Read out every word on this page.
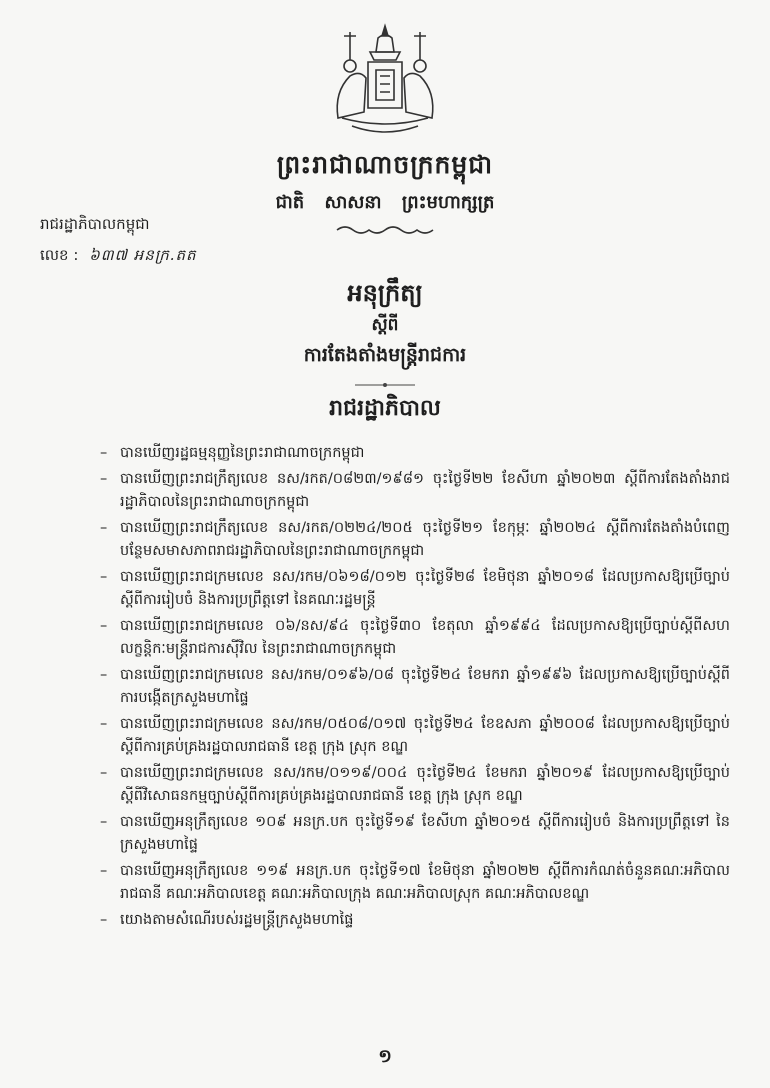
ព្រះរាជាណាចក្រកម្ពុជា
ជាតិ សាសនា ព្រះមហាក្សត្រ
រាជរដ្ឋាភិបាលកម្ពុជា
លេខ : ៦៣៧ អនក្រ.តត
អនុក្រឹត្យ
ស្តីពី
ការតែងតាំងមន្ត្រីរាជការ
រាជរដ្ឋាភិបាល
– បានឃើញរដ្ឋធម្មនុញ្ញនៃព្រះរាជាណាចក្រកម្ពុជា
– បានឃើញព្រះរាជក្រឹត្យលេខ នស/រកត/០៨២៣/១៩៨១ ចុះថ្ងៃទី២២ ខែសីហា ឆ្នាំ២០២៣ ស្តីពីការតែងតាំងរាជរដ្ឋាភិបាលនៃព្រះរាជាណាចក្រកម្ពុជា
– បានឃើញព្រះរាជក្រឹត្យលេខ នស/រកត/០២២៤/២០៥ ចុះថ្ងៃទី២១ ខែកុម្ភៈ ឆ្នាំ២០២៤ ស្តីពីការតែងតាំងបំពេញបន្ថែមសមាសភាពរាជរដ្ឋាភិបាលនៃព្រះរាជាណាចក្រកម្ពុជា
– បានឃើញព្រះរាជក្រមលេខ នស/រកម/០៦១៨/០១២ ចុះថ្ងៃទី២៨ ខែមិថុនា ឆ្នាំ២០១៨ ដែលប្រកាសឱ្យប្រើច្បាប់ស្តីពីការរៀបចំ និងការប្រព្រឹត្តទៅ នៃគណៈរដ្ឋមន្ត្រី
– បានឃើញព្រះរាជក្រមលេខ ០៦/នស/៩៤ ចុះថ្ងៃទី៣០ ខែតុលា ឆ្នាំ១៩៩៤ ដែលប្រកាសឱ្យប្រើច្បាប់ស្តីពីសហលក្ខន្តិកៈមន្ត្រីរាជការស៊ីវិល នៃព្រះរាជាណាចក្រកម្ពុជា
– បានឃើញព្រះរាជក្រមលេខ នស/រកម/០១៩៦/០៨ ចុះថ្ងៃទី២៤ ខែមករា ឆ្នាំ១៩៩៦ ដែលប្រកាសឱ្យប្រើច្បាប់ស្តីពីការបង្កើតក្រសួងមហាផ្ទៃ
– បានឃើញព្រះរាជក្រមលេខ នស/រកម/០៥០៨/០១៧ ចុះថ្ងៃទី២៤ ខែឧសភា ឆ្នាំ២០០៨ ដែលប្រកាសឱ្យប្រើច្បាប់ស្តីពីការគ្រប់គ្រងរដ្ឋបាលរាជធានី ខេត្ត ក្រុង ស្រុក ខណ្ឌ
– បានឃើញព្រះរាជក្រមលេខ នស/រកម/០១១៩/០០៤ ចុះថ្ងៃទី២៤ ខែមករា ឆ្នាំ២០១៩ ដែលប្រកាសឱ្យប្រើច្បាប់ស្តីពីវិសោធនកម្មច្បាប់ស្តីពីការគ្រប់គ្រងរដ្ឋបាលរាជធានី ខេត្ត ក្រុង ស្រុក ខណ្ឌ
– បានឃើញអនុក្រឹត្យលេខ ១០៩ អនក្រ.បក ចុះថ្ងៃទី១៩ ខែសីហា ឆ្នាំ២០១៥ ស្តីពីការរៀបចំ និងការប្រព្រឹត្តទៅ នៃក្រសួងមហាផ្ទៃ
– បានឃើញអនុក្រឹត្យលេខ ១១៩ អនក្រ.បក ចុះថ្ងៃទី១៧ ខែមិថុនា ឆ្នាំ២០២២ ស្តីពីការកំណត់ចំនួនគណៈអភិបាលរាជធានី គណៈអភិបាលខេត្ត គណៈអភិបាលក្រុង គណៈអភិបាលស្រុក គណៈអភិបាលខណ្ឌ
– យោងតាមសំណើរបស់រដ្ឋមន្ត្រីក្រសួងមហាផ្ទៃ
១
